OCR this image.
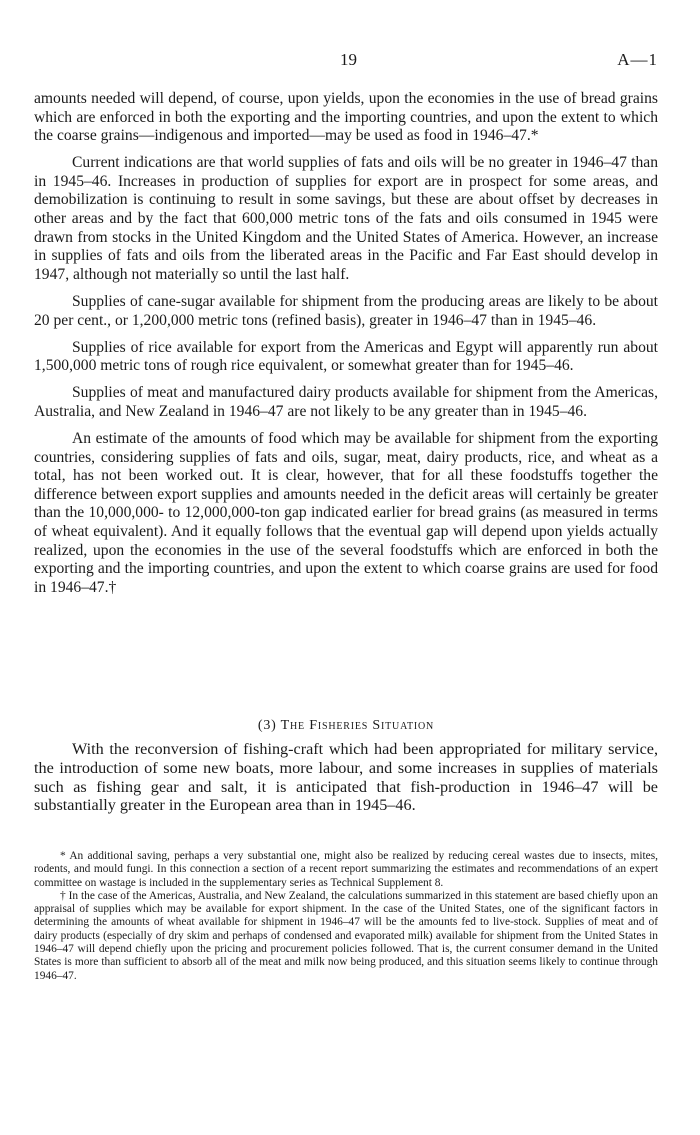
19	A—1

amounts needed will depend, of course, upon yields, upon the economies in the use of bread grains which are enforced in both the exporting and the importing countries, and upon the extent to which the coarse grains—indigenous and imported—may be used as food in 1946–47.*

Current indications are that world supplies of fats and oils will be no greater in 1946–47 than in 1945–46. Increases in production of supplies for export are in prospect for some areas, and demobilization is continuing to result in some savings, but these are about offset by decreases in other areas and by the fact that 600,000 metric tons of the fats and oils consumed in 1945 were drawn from stocks in the United Kingdom and the United States of America. However, an increase in supplies of fats and oils from the liberated areas in the Pacific and Far East should develop in 1947, although not materially so until the last half.

Supplies of cane-sugar available for shipment from the producing areas are likely to be about 20 per cent., or 1,200,000 metric tons (refined basis), greater in 1946–47 than in 1945–46.

Supplies of rice available for export from the Americas and Egypt will apparently run about 1,500,000 metric tons of rough rice equivalent, or somewhat greater than for 1945–46.

Supplies of meat and manufactured dairy products available for shipment from the Americas, Australia, and New Zealand in 1946–47 are not likely to be any greater than in 1945–46.

An estimate of the amounts of food which may be available for shipment from the exporting countries, considering supplies of fats and oils, sugar, meat, dairy products, rice, and wheat as a total, has not been worked out. It is clear, however, that for all these foodstuffs together the difference between export supplies and amounts needed in the deficit areas will certainly be greater than the 10,000,000- to 12,000,000-ton gap indicated earlier for bread grains (as measured in terms of wheat equivalent). And it equally follows that the eventual gap will depend upon yields actually realized, upon the economies in the use of the several foodstuffs which are enforced in both the exporting and the importing countries, and upon the extent to which coarse grains are used for food in 1946–47.†

(3) The Fisheries Situation

With the reconversion of fishing-craft which had been appropriated for military service, the introduction of some new boats, more labour, and some increases in supplies of materials such as fishing gear and salt, it is anticipated that fish-production in 1946–47 will be substantially greater in the European area than in 1945–46.

* An additional saving, perhaps a very substantial one, might also be realized by reducing cereal wastes due to insects, mites, rodents, and mould fungi. In this connection a section of a recent report summarizing the estimates and recommendations of an expert committee on wastage is included in the supplementary series as Technical Supplement 8.

† In the case of the Americas, Australia, and New Zealand, the calculations summarized in this statement are based chiefly upon an appraisal of supplies which may be available for export shipment. In the case of the United States, one of the significant factors in determining the amounts of wheat available for shipment in 1946–47 will be the amounts fed to live-stock. Supplies of meat and of dairy products (especially of dry skim and perhaps of condensed and evaporated milk) available for shipment from the United States in 1946–47 will depend chiefly upon the pricing and procurement policies followed. That is, the current consumer demand in the United States is more than sufficient to absorb all of the meat and milk now being produced, and this situation seems likely to continue through 1946–47.
